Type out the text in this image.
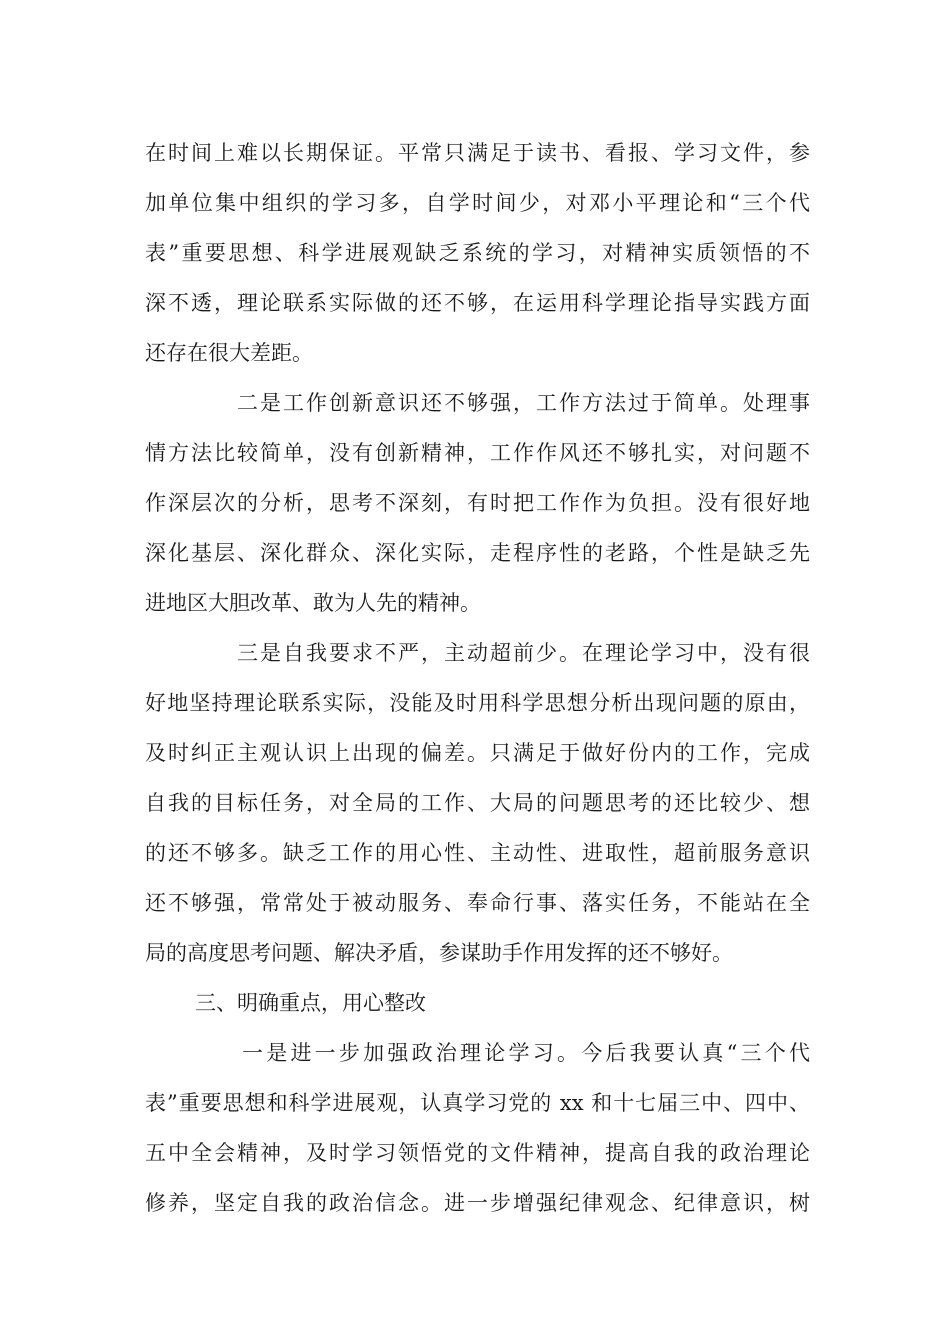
在时间上难以长期保证。平常只满足于读书、看报、学习文件，参
加单位集中组织的学习多，自学时间少，对邓小平理论和“三个代
表”重要思想、科学进展观缺乏系统的学习，对精神实质领悟的不
深不透，理论联系实际做的还不够，在运用科学理论指导实践方面
还存在很大差距。
二是工作创新意识还不够强，工作方法过于简单。处理事
情方法比较简单，没有创新精神，工作作风还不够扎实，对问题不
作深层次的分析，思考不深刻，有时把工作作为负担。没有很好地
深化基层、深化群众、深化实际，走程序性的老路，个性是缺乏先
进地区大胆改革、敢为人先的精神。
三是自我要求不严，主动超前少。在理论学习中，没有很
好地坚持理论联系实际，没能及时用科学思想分析出现问题的原由，
及时纠正主观认识上出现的偏差。只满足于做好份内的工作，完成
自我的目标任务，对全局的工作、大局的问题思考的还比较少、想
的还不够多。缺乏工作的用心性、主动性、进取性，超前服务意识
还不够强，常常处于被动服务、奉命行事、落实任务，不能站在全
局的高度思考问题、解决矛盾，参谋助手作用发挥的还不够好。
三、明确重点，用心整改
一是进一步加强政治理论学习。今后我要认真“三个代
表”重要思想和科学进展观，认真学习党的 xx 和十七届三中、四中、
五中全会精神，及时学习领悟党的文件精神，提高自我的政治理论
修养，坚定自我的政治信念。进一步增强纪律观念、纪律意识，树
